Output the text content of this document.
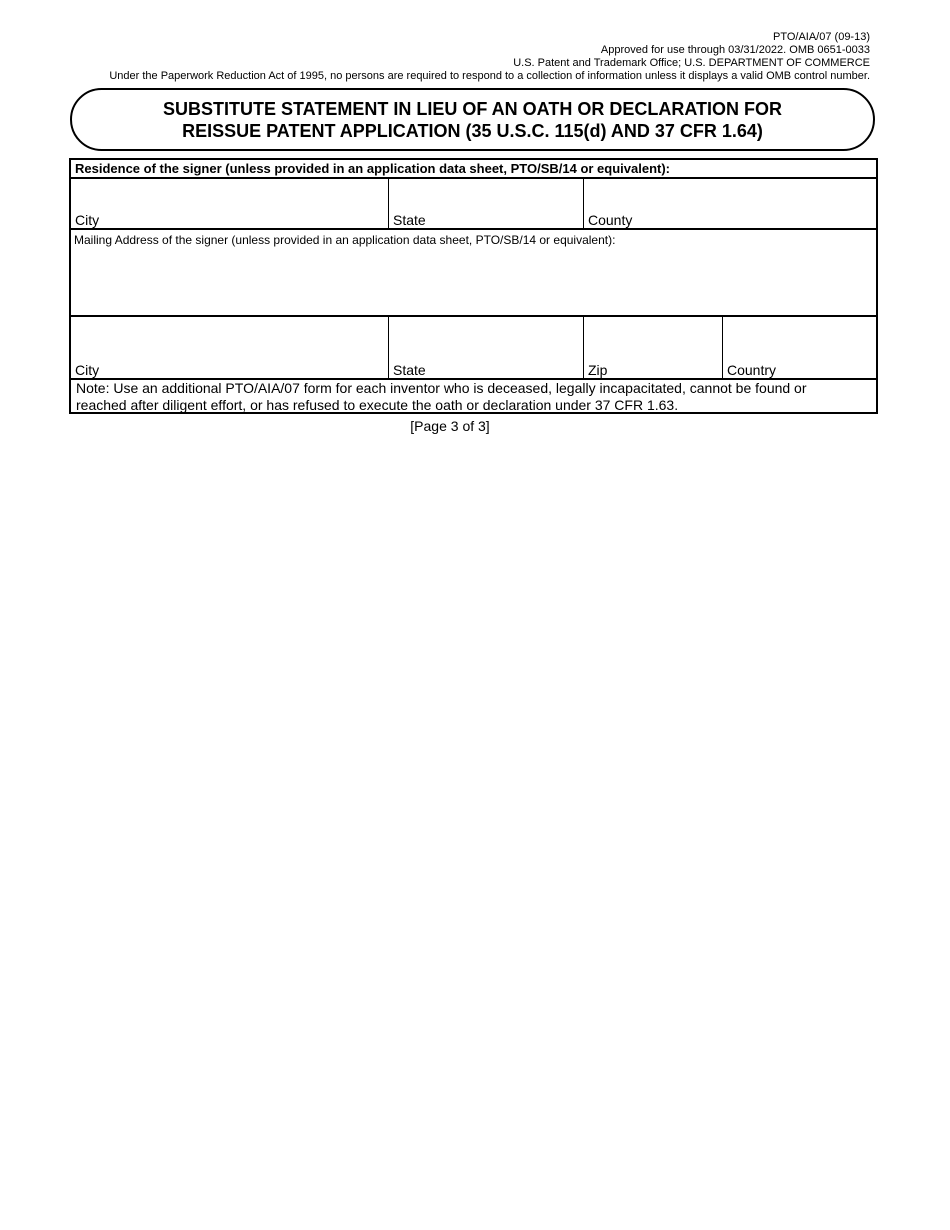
PTO/AIA/07 (09-13)
Approved for use through 03/31/2022. OMB 0651-0033
U.S. Patent and Trademark Office; U.S. DEPARTMENT OF COMMERCE
Under the Paperwork Reduction Act of 1995, no persons are required to respond to a collection of information unless it displays a valid OMB control number.
SUBSTITUTE STATEMENT IN LIEU OF AN OATH OR DECLARATION FOR
REISSUE PATENT APPLICATION (35 U.S.C. 115(d) AND 37 CFR 1.64)
Residence of the signer (unless provided in an application data sheet, PTO/SB/14 or equivalent):
City	State	County
Mailing Address of the signer (unless provided in an application data sheet, PTO/SB/14 or equivalent):
City	State	Zip	Country
Note: Use an additional PTO/AIA/07 form for each inventor who is deceased, legally incapacitated, cannot be found or
reached after diligent effort, or has refused to execute the oath or declaration under 37 CFR 1.63.
[Page 3 of 3]
